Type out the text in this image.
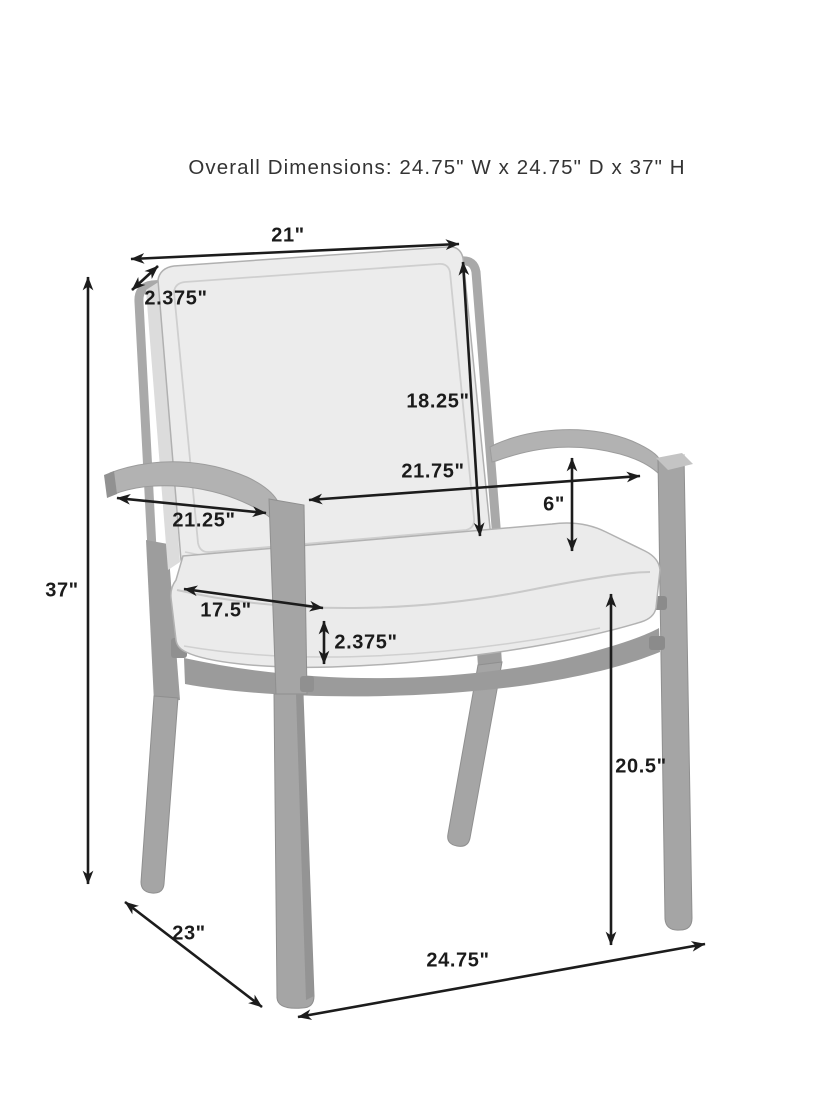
Overall Dimensions: 24.75" W x 24.75" D x 37" H
21"
2.375"
18.25"
21.75"
6"
21.25"
17.5"
2.375"
37"
20.5"
23"
24.75"
